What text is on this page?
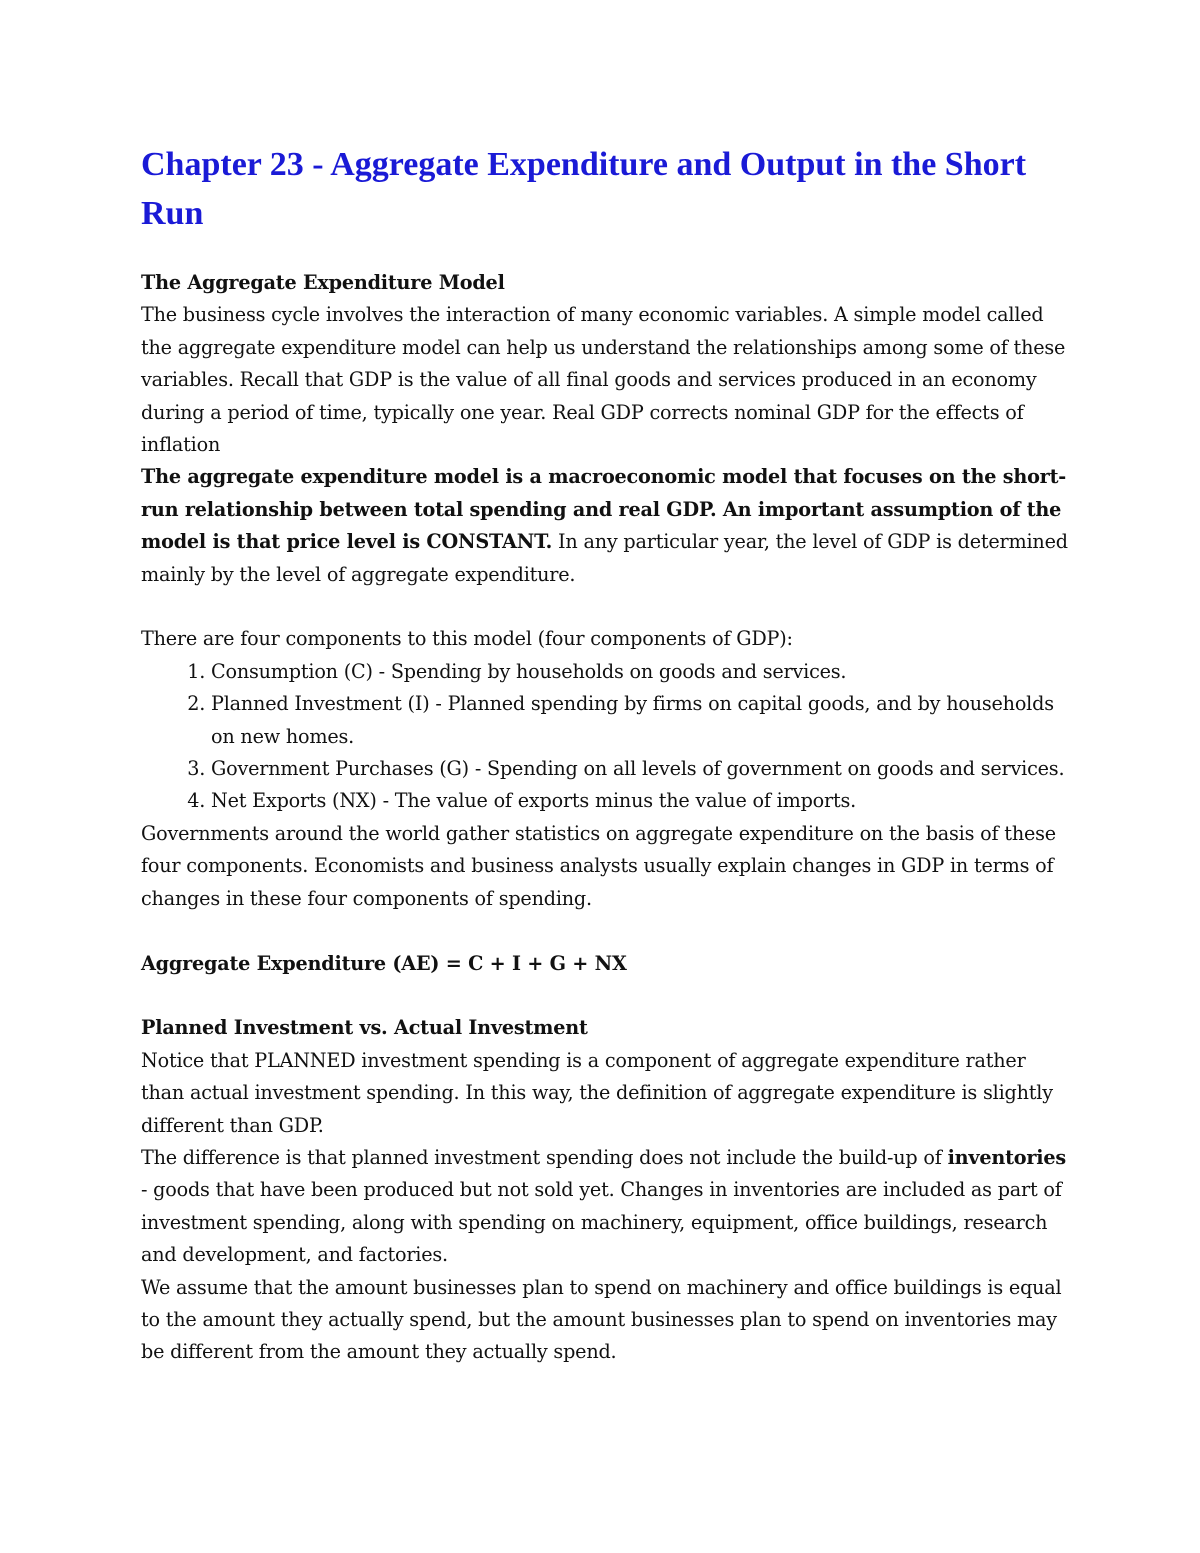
Chapter 23 - Aggregate Expenditure and Output in the Short Run

The Aggregate Expenditure Model

The business cycle involves the interaction of many economic variables. A simple model called the aggregate expenditure model can help us understand the relationships among some of these variables. Recall that GDP is the value of all final goods and services produced in an economy during a period of time, typically one year. Real GDP corrects nominal GDP for the effects of inflation

The aggregate expenditure model is a macroeconomic model that focuses on the short-run relationship between total spending and real GDP. An important assumption of the model is that price level is CONSTANT. In any particular year, the level of GDP is determined mainly by the level of aggregate expenditure.

There are four components to this model (four components of GDP):

1. Consumption (C) - Spending by households on goods and services.
2. Planned Investment (I) - Planned spending by firms on capital goods, and by households on new homes.
3. Government Purchases (G) - Spending on all levels of government on goods and services.
4. Net Exports (NX) - The value of exports minus the value of imports.

Governments around the world gather statistics on aggregate expenditure on the basis of these four components. Economists and business analysts usually explain changes in GDP in terms of changes in these four components of spending.

Aggregate Expenditure (AE) = C + I + G + NX

Planned Investment vs. Actual Investment

Notice that PLANNED investment spending is a component of aggregate expenditure rather than actual investment spending. In this way, the definition of aggregate expenditure is slightly different than GDP.

The difference is that planned investment spending does not include the build-up of inventories - goods that have been produced but not sold yet. Changes in inventories are included as part of investment spending, along with spending on machinery, equipment, office buildings, research and development, and factories.

We assume that the amount businesses plan to spend on machinery and office buildings is equal to the amount they actually spend, but the amount businesses plan to spend on inventories may be different from the amount they actually spend.
